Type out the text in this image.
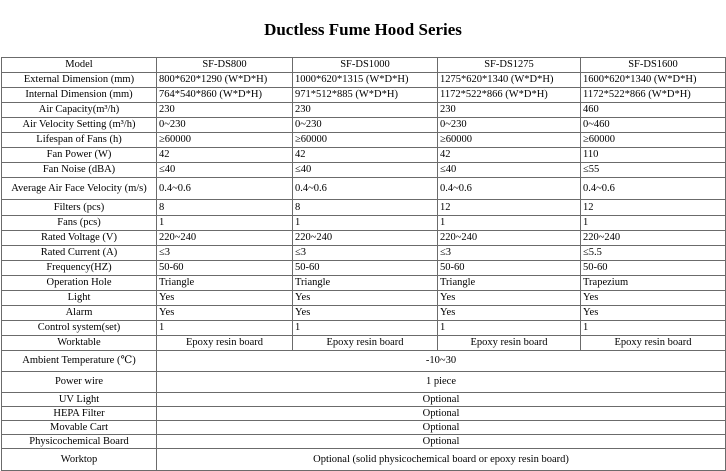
Ductless Fume Hood Series
Model	SF-DS800	SF-DS1000	SF-DS1275	SF-DS1600
External Dimension (mm)	800*620*1290 (W*D*H)	1000*620*1315 (W*D*H)	1275*620*1340 (W*D*H)	1600*620*1340 (W*D*H)
Internal Dimension (mm)	764*540*860 (W*D*H)	971*512*885 (W*D*H)	1172*522*866 (W*D*H)	1172*522*866 (W*D*H)
Air Capacity(m³/h)	230	230	230	460
Air Velocity Setting (m³/h)	0~230	0~230	0~230	0~460
Lifespan of Fans (h)	≥60000	≥60000	≥60000	≥60000
Fan Power (W)	42	42	42	110
Fan Noise (dBA)	≤40	≤40	≤40	≤55
Average Air Face Velocity (m/s)	0.4~0.6	0.4~0.6	0.4~0.6	0.4~0.6
Filters (pcs)	8	8	12	12
Fans (pcs)	1	1	1	1
Rated Voltage (V)	220~240	220~240	220~240	220~240
Rated Current (A)	≤3	≤3	≤3	≤5.5
Frequency(HZ)	50-60	50-60	50-60	50-60
Operation Hole	Triangle	Triangle	Triangle	Trapezium
Light	Yes	Yes	Yes	Yes
Alarm	Yes	Yes	Yes	Yes
Control system(set)	1	1	1	1
Worktable	Epoxy resin board	Epoxy resin board	Epoxy resin board	Epoxy resin board
Ambient Temperature (℃)	-10~30			
Power wire	1 piece			
UV Light	Optional			
HEPA Filter	Optional			
Movable Cart	Optional			
Physicochemical Board	Optional			
Worktop	Optional (solid physicochemical board or epoxy resin board)			
